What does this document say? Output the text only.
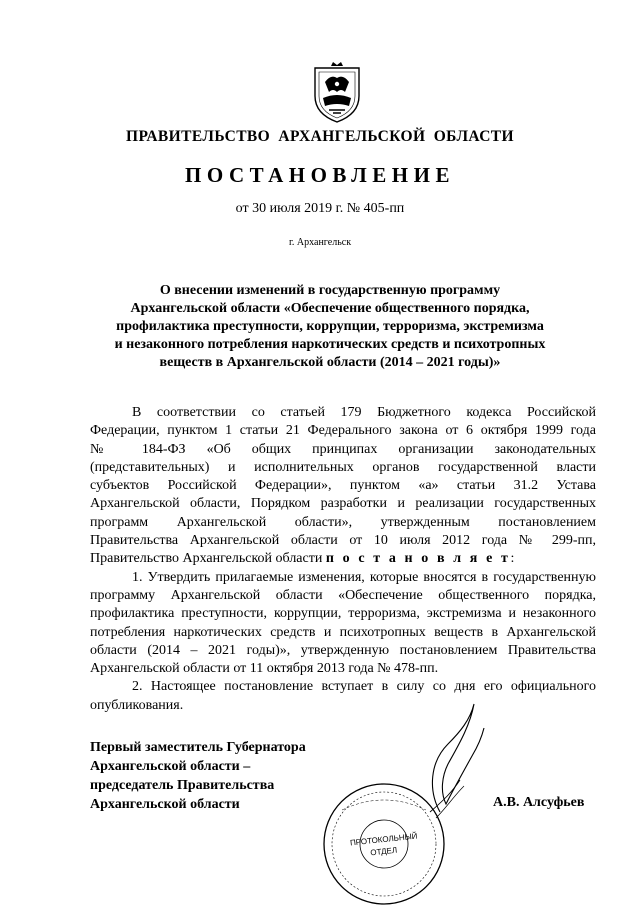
ПРАВИТЕЛЬСТВО АРХАНГЕЛЬСКОЙ ОБЛАСТИ
ПОСТАНОВЛЕНИЕ
от 30 июля 2019 г. № 405-пп
г. Архангельск
О внесении изменений в государственную программу
Архангельской области «Обеспечение общественного порядка,
профилактика преступности, коррупции, терроризма, экстремизма
и незаконного потребления наркотических средств и психотропных
веществ в Архангельской области (2014 – 2021 годы)»
В соответствии со статьей 179 Бюджетного кодекса Российской
Федерации, пунктом 1 статьи 21 Федерального закона от 6 октября 1999 года
№ 184-ФЗ «Об общих принципах организации законодательных
(представительных) и исполнительных органов государственной власти
субъектов Российской Федерации», пунктом «а» статьи 31.2 Устава
Архангельской области, Порядком разработки и реализации государственных
программ Архангельской области», утвержденным постановлением
Правительства Архангельской области от 10 июля 2012 года № 299-пп,
Правительство Архангельской области п о с т а н о в л я е т:
1. Утвердить прилагаемые изменения, которые вносятся в государственную
программу Архангельской области «Обеспечение общественного порядка,
профилактика преступности, коррупции, терроризма, экстремизма и незаконного
потребления наркотических средств и психотропных веществ в Архангельской
области (2014 – 2021 годы)», утвержденную постановлением Правительства
Архангельской области от 11 октября 2013 года № 478-пп.
2. Настоящее постановление вступает в силу со дня его официального
опубликования.
Первый заместитель Губернатора
Архангельской области –
председатель Правительства
Архангельской области
ПРОТОКОЛЬНЫЙ
ОТДЕЛ
А.В. Алсуфьев
